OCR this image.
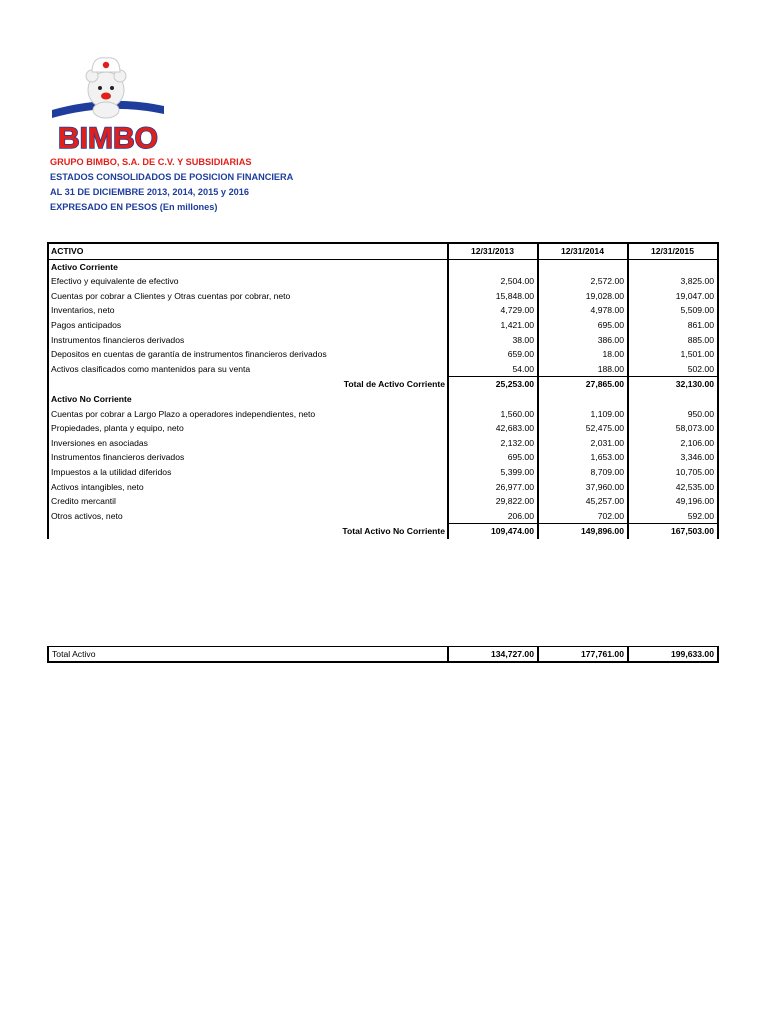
BIMBO
GRUPO BIMBO, S.A. DE C.V. Y SUBSIDIARIAS
ESTADOS CONSOLIDADOS DE POSICION FINANCIERA
AL 31 DE DICIEMBRE 2013, 2014, 2015 y 2016
EXPRESADO EN PESOS (En millones)
ACTIVO	12/31/2013	12/31/2014	12/31/2015
Activo Corriente			
Efectivo y equivalente de efectivo	2,504.00	2,572.00	3,825.00
Cuentas por cobrar a Clientes y Otras cuentas por cobrar, neto	15,848.00	19,028.00	19,047.00
Inventarios, neto	4,729.00	4,978.00	5,509.00
Pagos anticipados	1,421.00	695.00	861.00
Instrumentos financieros derivados	38.00	386.00	885.00
Depositos en cuentas de garantía de instrumentos financieros derivados	659.00	18.00	1,501.00
Activos clasificados como mantenidos para su venta	54.00	188.00	502.00
Total de Activo Corriente	25,253.00	27,865.00	32,130.00
Activo No Corriente			
Cuentas por cobrar a Largo Plazo a operadores independientes, neto	1,560.00	1,109.00	950.00
Propiedades, planta y equipo, neto	42,683.00	52,475.00	58,073.00
Inversiones en asociadas	2,132.00	2,031.00	2,106.00
Instrumentos financieros derivados	695.00	1,653.00	3,346.00
Impuestos a la utilidad diferidos	5,399.00	8,709.00	10,705.00
Activos intangibles, neto	26,977.00	37,960.00	42,535.00
Credito mercantil	29,822.00	45,257.00	49,196.00
Otros activos, neto	206.00	702.00	592.00
Total Activo No Corriente	109,474.00	149,896.00	167,503.00
Total Activo	134,727.00	177,761.00	199,633.00
